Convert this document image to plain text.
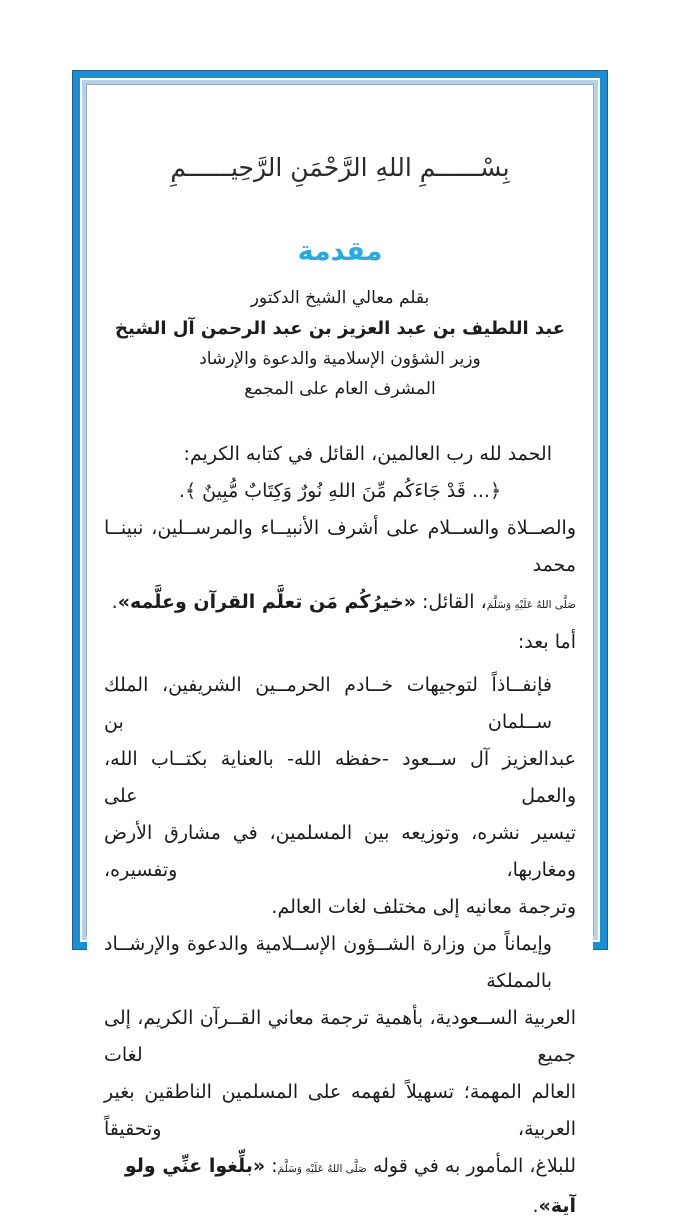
بِسْــــــمِ اللهِ الرَّحْمَنِ الرَّحِيــــــمِ
مقدمة
بقلم معالي الشيخ الدكتور
عبد اللطيف بن عبد العزيز بن عبد الرحمن آل الشيخ
وزير الشؤون الإسلامية والدعوة والإرشاد
المشرف العام على المجمع
الحمد لله رب العالمين، القائل في كتابه الكريم:
﴿... قَدْ جَاءَكُم مِّنَ اللهِ نُورٌ وَكِتَابٌ مُّبِينٌ ﴾.
والصــلاة والســلام على أشرف الأنبيــاء والمرســلين، نبينــا محمد
صَلَّى اللهُ عَلَيْهِ وَسَلَّمَ، القائل: «خيرُكُم مَن تعلَّم القرآن وعلَّمه».
أما بعد:
فإنفــاذاً لتوجيهات خــادم الحرمــين الشريفين، الملك ســلمان بن
عبدالعزيز آل ســعود -حفظه الله- بالعناية بكتــاب الله، والعمل على
تيسير نشره، وتوزيعه بين المسلمين، في مشارق الأرض ومغاربها، وتفسيره،
وترجمة معانيه إلى مختلف لغات العالم.
وإيماناً من وزارة الشــؤون الإســلامية والدعوة والإرشــاد بالمملكة
العربية الســعودية، بأهمية ترجمة معاني القــرآن الكريم، إلى جميع لغات
العالم المهمة؛ تسهيلاً لفهمه على المسلمين الناطقين بغير العربية، وتحقيقاً
للبلاغ، المأمور به في قوله صَلَّى اللهُ عَلَيْهِ وَسَلَّمَ: «بلِّغوا عنِّي ولو آية».
